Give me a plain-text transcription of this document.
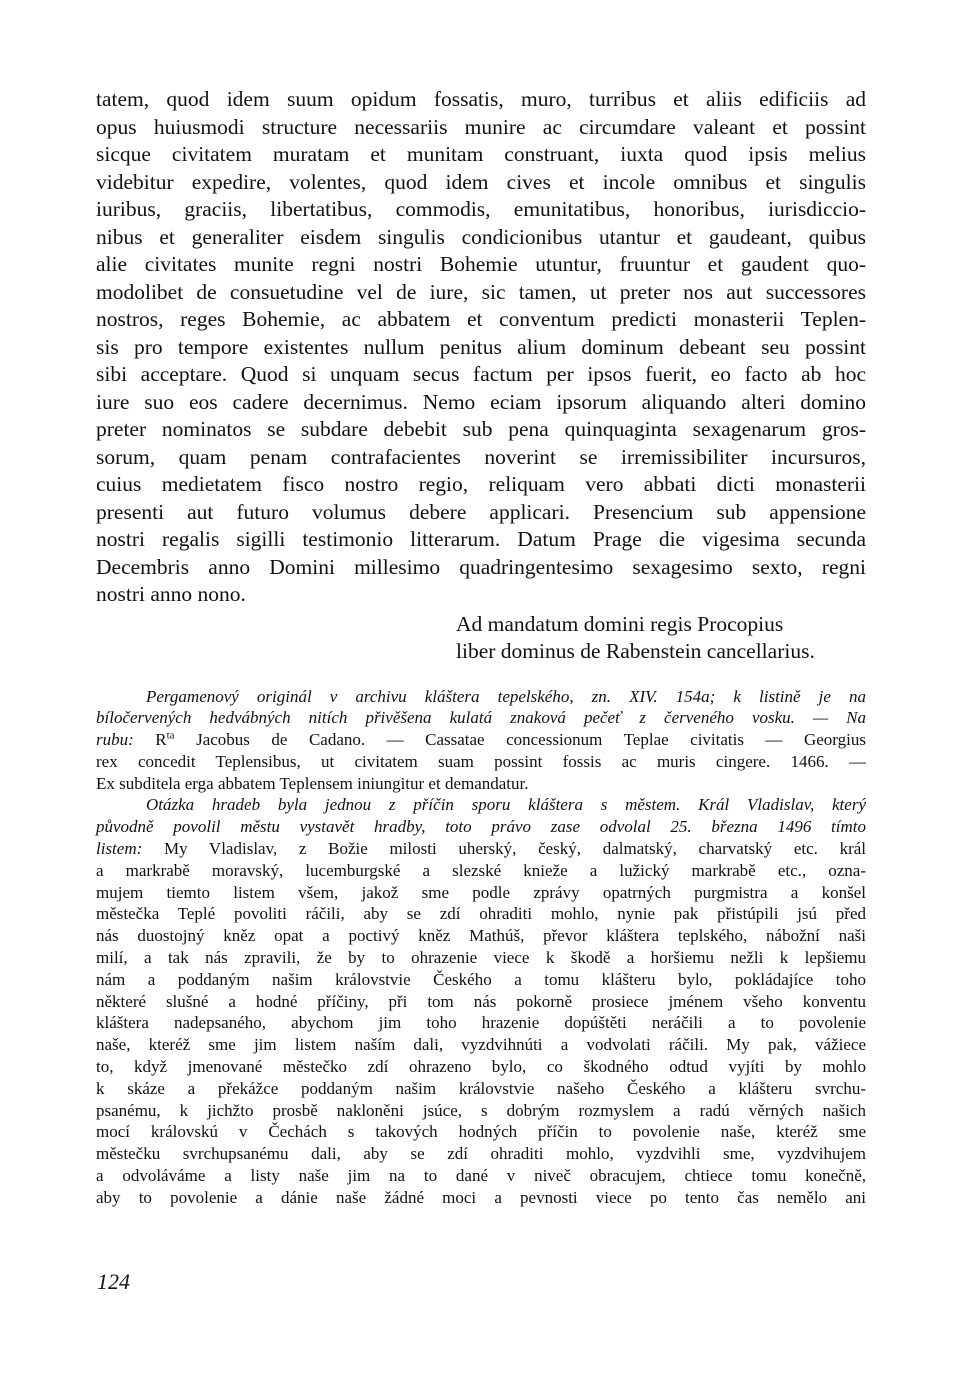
tatem, quod idem suum opidum fossatis, muro, turribus et aliis edificiis ad
opus huiusmodi structure necessariis munire ac circumdare valeant et possint
sicque civitatem muratam et munitam construant, iuxta quod ipsis melius
videbitur expedire, volentes, quod idem cives et incole omnibus et singulis
iuribus, graciis, libertatibus, commodis, emunitatibus, honoribus, iurisdiccio-
nibus et generaliter eisdem singulis condicionibus utantur et gaudeant, quibus
alie civitates munite regni nostri Bohemie utuntur, fruuntur et gaudent quo-
modolibet de consuetudine vel de iure, sic tamen, ut preter nos aut successores
nostros, reges Bohemie, ac abbatem et conventum predicti monasterii Teplen-
sis pro tempore existentes nullum penitus alium dominum debeant seu possint
sibi acceptare. Quod si unquam secus factum per ipsos fuerit, eo facto ab hoc
iure suo eos cadere decernimus. Nemo eciam ipsorum aliquando alteri domino
preter nominatos se subdare debebit sub pena quinquaginta sexagenarum gros-
sorum, quam penam contrafacientes noverint se irremissibiliter incursuros,
cuius medietatem fisco nostro regio, reliquam vero abbati dicti monasterii
presenti aut futuro volumus debere applicari. Presencium sub appensione
nostri regalis sigilli testimonio litterarum. Datum Prage die vigesima secunda
Decembris anno Domini millesimo quadringentesimo sexagesimo sexto, regni
nostri anno nono.
Ad mandatum domini regis Procopius
liber dominus de Rabenstein cancellarius.
Pergamenový originál v archivu kláštera tepelského, zn. XIV. 154a; k listině je na
bíločervených hedvábných nitích přivěšena kulatá znaková pečeť z červeného vosku. — Na
rubu: $R^{ta}$ Jacobus de Cadano. — Cassatae concessionum Teplae civitatis — Georgius
rex concedit Teplensibus, ut civitatem suam possint fossis ac muris cingere. 1466. —
Ex subditela erga abbatem Teplensem iniungitur et demandatur.
Otázka hradeb byla jednou z příčin sporu kláštera s městem. Král Vladislav, který
původně povolil městu vystavět hradby, toto právo zase odvolal 25. března 1496 tímto
listem: My Vladislav, z Božie milosti uherský, český, dalmatský, charvatský etc. král
a markrabě moravský, lucemburgské a slezské knieže a lužický markrabě etc., ozna-
mujem tiemto listem všem, jakož sme podle zprávy opatrných purgmistra a konšel
městečka Teplé povoliti ráčili, aby se zdí ohraditi mohlo, nynie pak přistúpili jsú před
nás duostojný kněz opat a poctivý kněz Mathúš, převor kláštera teplského, nábožní naši
milí, a tak nás zpravili, že by to ohrazenie viece k škodě a horšiemu nežli k lepšiemu
nám a poddaným našim královstvie Českého a tomu klášteru bylo, pokládajíce toho
některé slušné a hodné příčiny, při tom nás pokorně prosiece jménem všeho konventu
kláštera nadepsaného, abychom jim toho hrazenie dopúštěti neráčili a to povolenie
naše, kteréž sme jim listem naším dali, vyzdvihnúti a vodvolati ráčili. My pak, vážiece
to, když jmenované městečko zdí ohrazeno bylo, co škodného odtud vyjíti by mohlo
k skáze a překážce poddaným našim královstvie našeho Českého a klášteru svrchu-
psanému, k jichžto prosbě nakloněni jsúce, s dobrým rozmyslem a radú věrných našich
mocí královskú v Čechách s takových hodných příčin to povolenie naše, kteréž sme
městečku svrchupsanému dali, aby se zdí ohraditi mohlo, vyzdvihli sme, vyzdvihujem
a odvoláváme a listy naše jim na to dané v niveč obracujem, chtiece tomu konečně,
aby to povolenie a dánie naše žádné moci a pevnosti viece po tento čas nemělo ani
124
